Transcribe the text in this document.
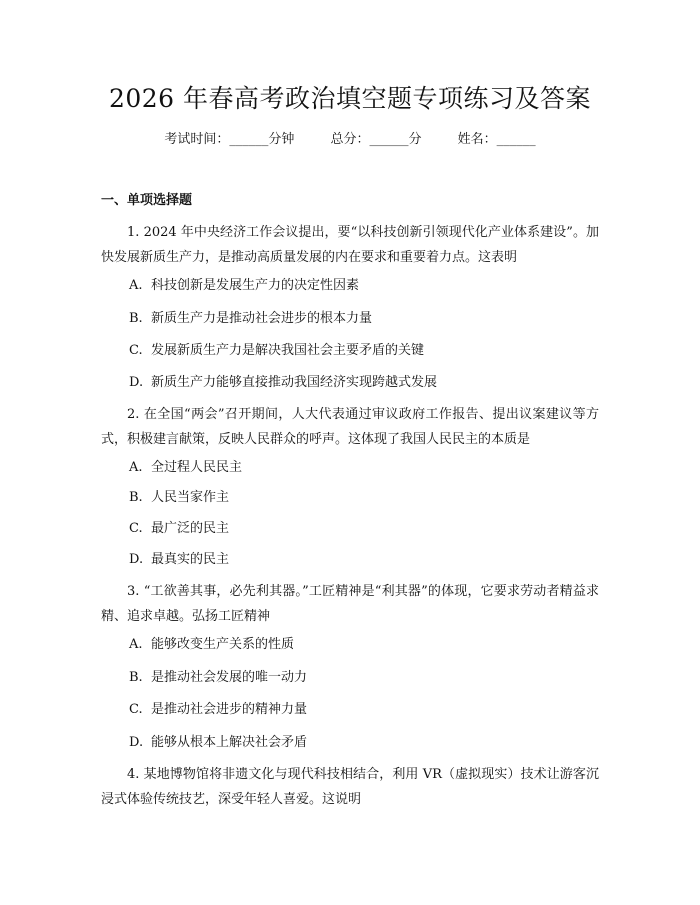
2026 年春高考政治填空题专项练习及答案
考试时间：______分钟	总分：______分	姓名：______
一、单项选择题
1. 2024 年中央经济工作会议提出，要“以科技创新引领现代化产业体系建设”。加快发展新质生产力，是推动高质量发展的内在要求和重要着力点。这表明
A. 科技创新是发展生产力的决定性因素
B. 新质生产力是推动社会进步的根本力量
C. 发展新质生产力是解决我国社会主要矛盾的关键
D. 新质生产力能够直接推动我国经济实现跨越式发展
2. 在全国“两会”召开期间，人大代表通过审议政府工作报告、提出议案建议等方式，积极建言献策，反映人民群众的呼声。这体现了我国人民民主的本质是
A. 全过程人民民主
B. 人民当家作主
C. 最广泛的民主
D. 最真实的民主
3. “工欲善其事，必先利其器。”工匠精神是“利其器”的体现，它要求劳动者精益求精、追求卓越。弘扬工匠精神
A. 能够改变生产关系的性质
B. 是推动社会发展的唯一动力
C. 是推动社会进步的精神力量
D. 能够从根本上解决社会矛盾
4. 某地博物馆将非遗文化与现代科技相结合，利用 VR（虚拟现实）技术让游客沉浸式体验传统技艺，深受年轻人喜爱。这说明
